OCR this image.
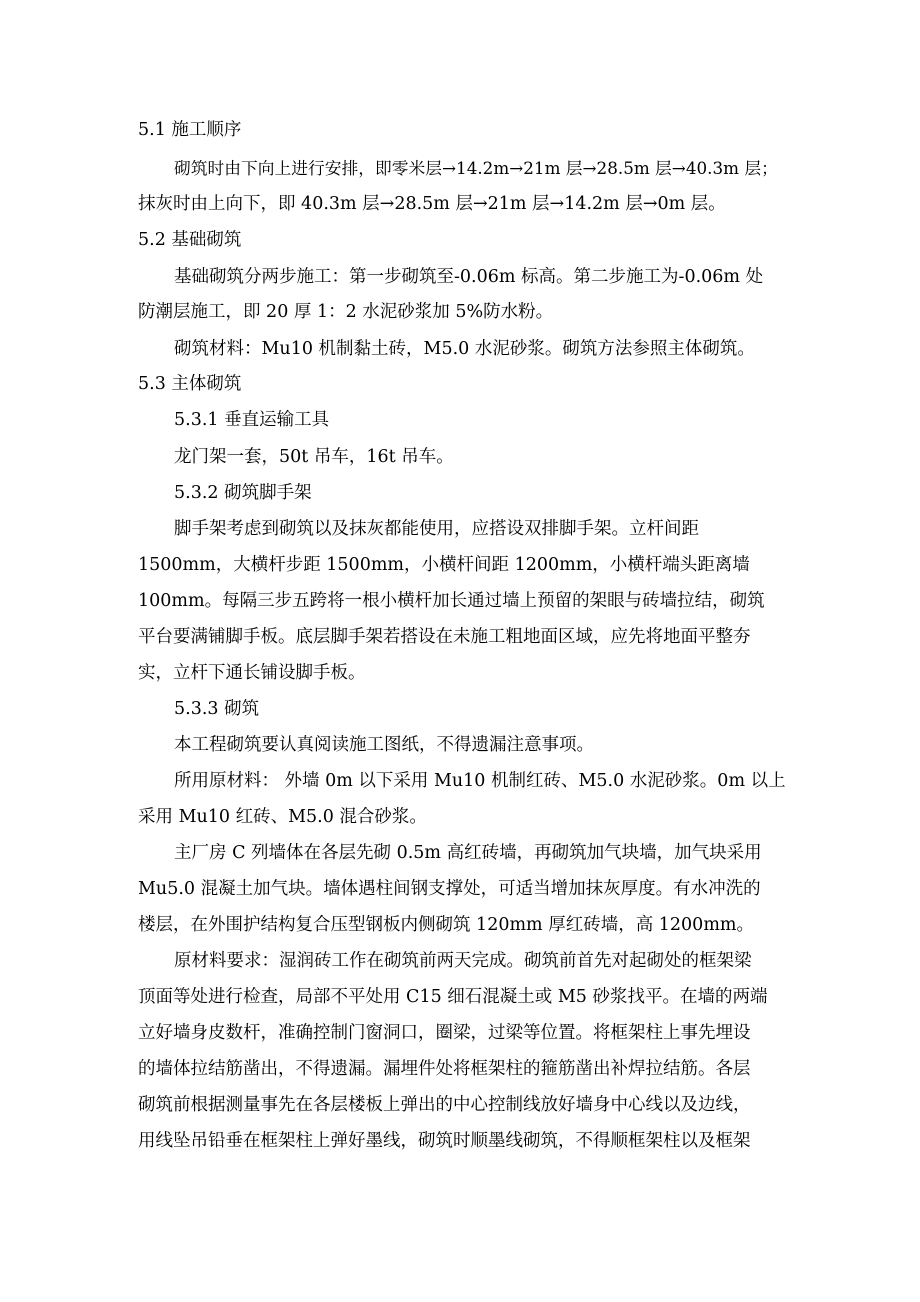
5.1 施工顺序
砌筑时由下向上进行安排，即零米层→14.2m→21m 层→28.5m 层→40.3m 层；
抹灰时由上向下，即 40.3m 层→28.5m 层→21m 层→14.2m 层→0m 层。
5.2 基础砌筑
基础砌筑分两步施工：第一步砌筑至-0.06m 标高。第二步施工为-0.06m 处
防潮层施工，即 20 厚 1：2 水泥砂浆加 5%防水粉。
砌筑材料：Mu10 机制黏土砖，M5.0 水泥砂浆。砌筑方法参照主体砌筑。
5.3 主体砌筑
5.3.1 垂直运输工具
龙门架一套，50t 吊车，16t 吊车。
5.3.2 砌筑脚手架
脚手架考虑到砌筑以及抹灰都能使用，应搭设双排脚手架。立杆间距
1500mm，大横杆步距 1500mm，小横杆间距 1200mm，小横杆端头距离墙
100mm。每隔三步五跨将一根小横杆加长通过墙上预留的架眼与砖墙拉结，砌筑
平台要满铺脚手板。底层脚手架若搭设在未施工粗地面区域，应先将地面平整夯
实，立杆下通长铺设脚手板。
5.3.3 砌筑
本工程砌筑要认真阅读施工图纸，不得遗漏注意事项。
所用原材料： 外墙 0m 以下采用 Mu10 机制红砖、M5.0 水泥砂浆。0m 以上
采用 Mu10 红砖、M5.0 混合砂浆。
主厂房 C 列墙体在各层先砌 0.5m 高红砖墙，再砌筑加气块墙，加气块采用
Mu5.0 混凝土加气块。墙体遇柱间钢支撑处，可适当增加抹灰厚度。有水冲洗的
楼层，在外围护结构复合压型钢板内侧砌筑 120mm 厚红砖墙，高 1200mm。
原材料要求：湿润砖工作在砌筑前两天完成。砌筑前首先对起砌处的框架梁
顶面等处进行检查，局部不平处用 C15 细石混凝土或 M5 砂浆找平。在墙的两端
立好墙身皮数杆，准确控制门窗洞口，圈梁，过梁等位置。将框架柱上事先埋设
的墙体拉结筋凿出，不得遗漏。漏埋件处将框架柱的箍筋凿出补焊拉结筋。各层
砌筑前根据测量事先在各层楼板上弹出的中心控制线放好墙身中心线以及边线，
用线坠吊铅垂在框架柱上弹好墨线，砌筑时顺墨线砌筑，不得顺框架柱以及框架
